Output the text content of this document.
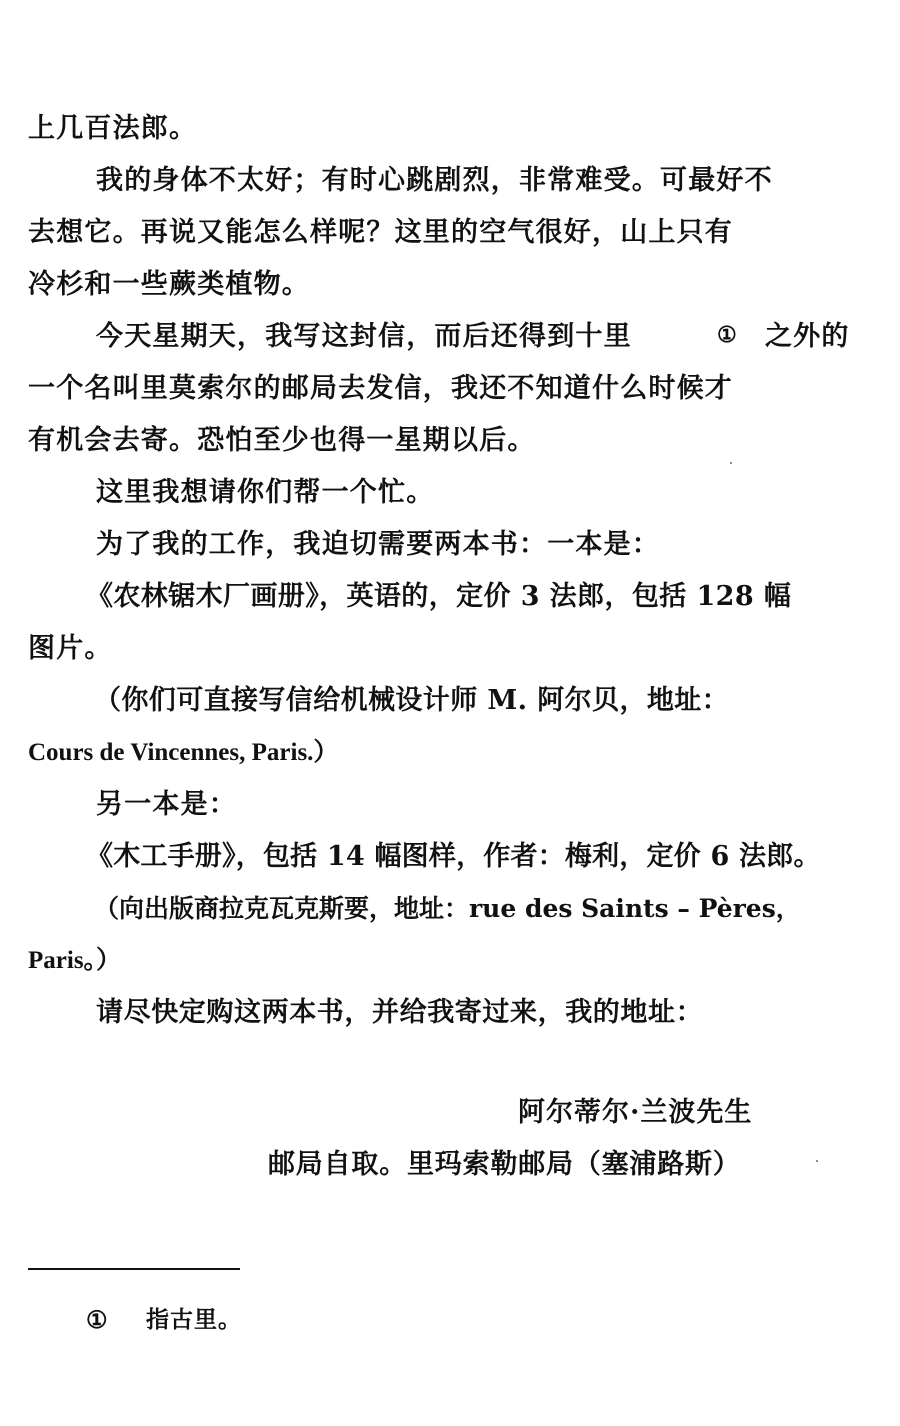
上几百法郎。
我的身体不太好；有时心跳剧烈，非常难受。可最好不
去想它。再说又能怎么样呢？这里的空气很好，山上只有
冷杉和一些蕨类植物。
今天星期天，我写这封信，而后还得到十里	① 之外的
一个名叫里莫索尔的邮局去发信，我还不知道什么时候才
有机会去寄。恐怕至少也得一星期以后。
这里我想请你们帮一个忙。
为了我的工作，我迫切需要两本书：一本是：
《农林锯木厂画册》，英语的，定价 3 法郎，包括 128 幅
图片。
（你们可直接写信给机械设计师 M. 阿尔贝，地址：
Cours de Vincennes, Paris.）
另一本是：
《木工手册》，包括 14 幅图样，作者：梅利，定价 6 法郎。
（向出版商拉克瓦克斯要，地址：rue des Saints – Pères，
Paris。）
请尽快定购这两本书，并给我寄过来，我的地址：
阿尔蒂尔·兰波先生
邮局自取。里玛索勒邮局（塞浦路斯）
① 指古里。
